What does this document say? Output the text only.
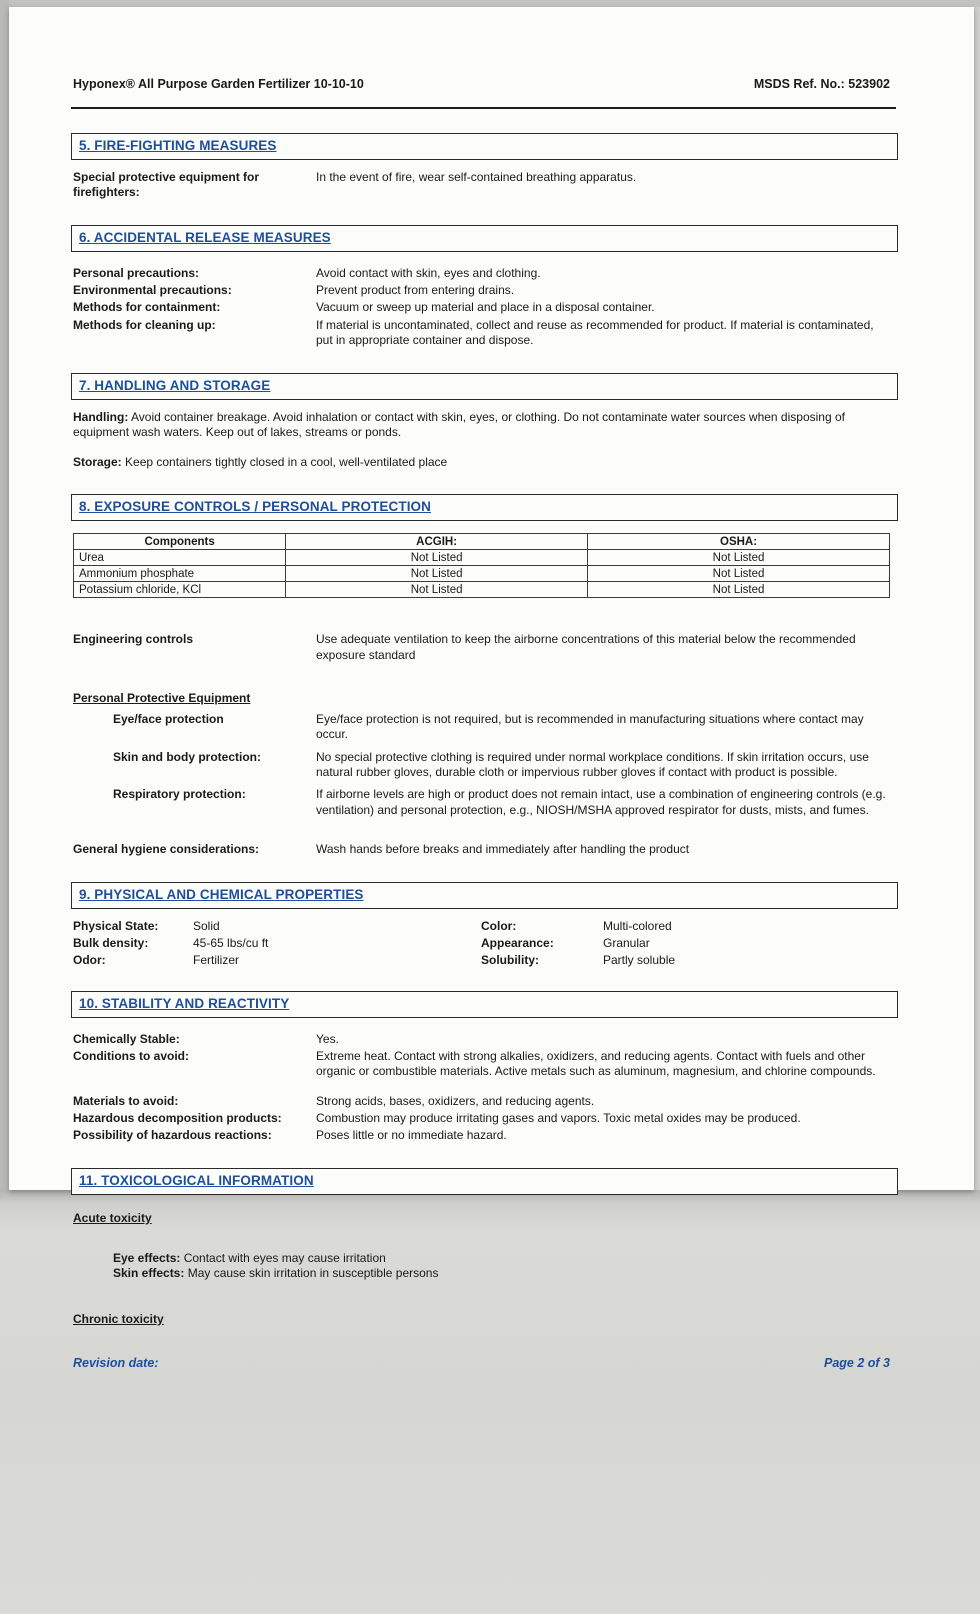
Hyponex® All Purpose Garden Fertilizer 10-10-10	MSDS Ref. No.: 523902
5. FIRE-FIGHTING MEASURES
Special protective equipment for firefighters:
In the event of fire, wear self-contained breathing apparatus.
6. ACCIDENTAL RELEASE MEASURES
Personal precautions:	Avoid contact with skin, eyes and clothing.
Environmental precautions:	Prevent product from entering drains.
Methods for containment:	Vacuum or sweep up material and place in a disposal container.
Methods for cleaning up:	If material is uncontaminated, collect and reuse as recommended for product. If material is contaminated, put in appropriate container and dispose.
7. HANDLING AND STORAGE

Handling: Avoid container breakage. Avoid inhalation or contact with skin, eyes, or clothing. Do not contaminate water sources when disposing of equipment wash waters. Keep out of lakes, streams or ponds.

Storage: Keep containers tightly closed in a cool, well-ventilated place

8. EXPOSURE CONTROLS / PERSONAL PROTECTION
Components	ACGIH:	OSHA:
Urea	Not Listed	Not Listed
Ammonium phosphate	Not Listed	Not Listed
Potassium chloride, KCl	Not Listed	Not Listed
Engineering controls	Use adequate ventilation to keep the airborne concentrations of this material below the recommended exposure standard
Personal Protective Equipment
Eye/face protection	Eye/face protection is not required, but is recommended in manufacturing situations where contact may occur.
Skin and body protection:	No special protective clothing is required under normal workplace conditions. If skin irritation occurs, use natural rubber gloves, durable cloth or impervious rubber gloves if contact with product is possible.
Respiratory protection:	If airborne levels are high or product does not remain intact, use a combination of engineering controls (e.g. ventilation) and personal protection, e.g., NIOSH/MSHA approved respirator for dusts, mists, and fumes.
General hygiene considerations:	Wash hands before breaks and immediately after handling the product
9. PHYSICAL AND CHEMICAL PROPERTIES
Physical State:	Solid	Color:	Multi-colored
Bulk density:	45-65 lbs/cu ft	Appearance:	Granular
Odor:	Fertilizer	Solubility:	Partly soluble
10. STABILITY AND REACTIVITY
Chemically Stable:	Yes.
Conditions to avoid:	Extreme heat. Contact with strong alkalies, oxidizers, and reducing agents. Contact with fuels and other organic or combustible materials. Active metals such as aluminum, magnesium, and chlorine compounds.
Materials to avoid:	Strong acids, bases, oxidizers, and reducing agents.
Hazardous decomposition products:	Combustion may produce irritating gases and vapors. Toxic metal oxides may be produced.
Possibility of hazardous reactions:	Poses little or no immediate hazard.
11. TOXICOLOGICAL INFORMATION
Acute toxicity

Eye effects: Contact with eyes may cause irritation

Skin effects: May cause skin irritation in susceptible persons

Chronic toxicity
Revision date:	Page 2 of 3
